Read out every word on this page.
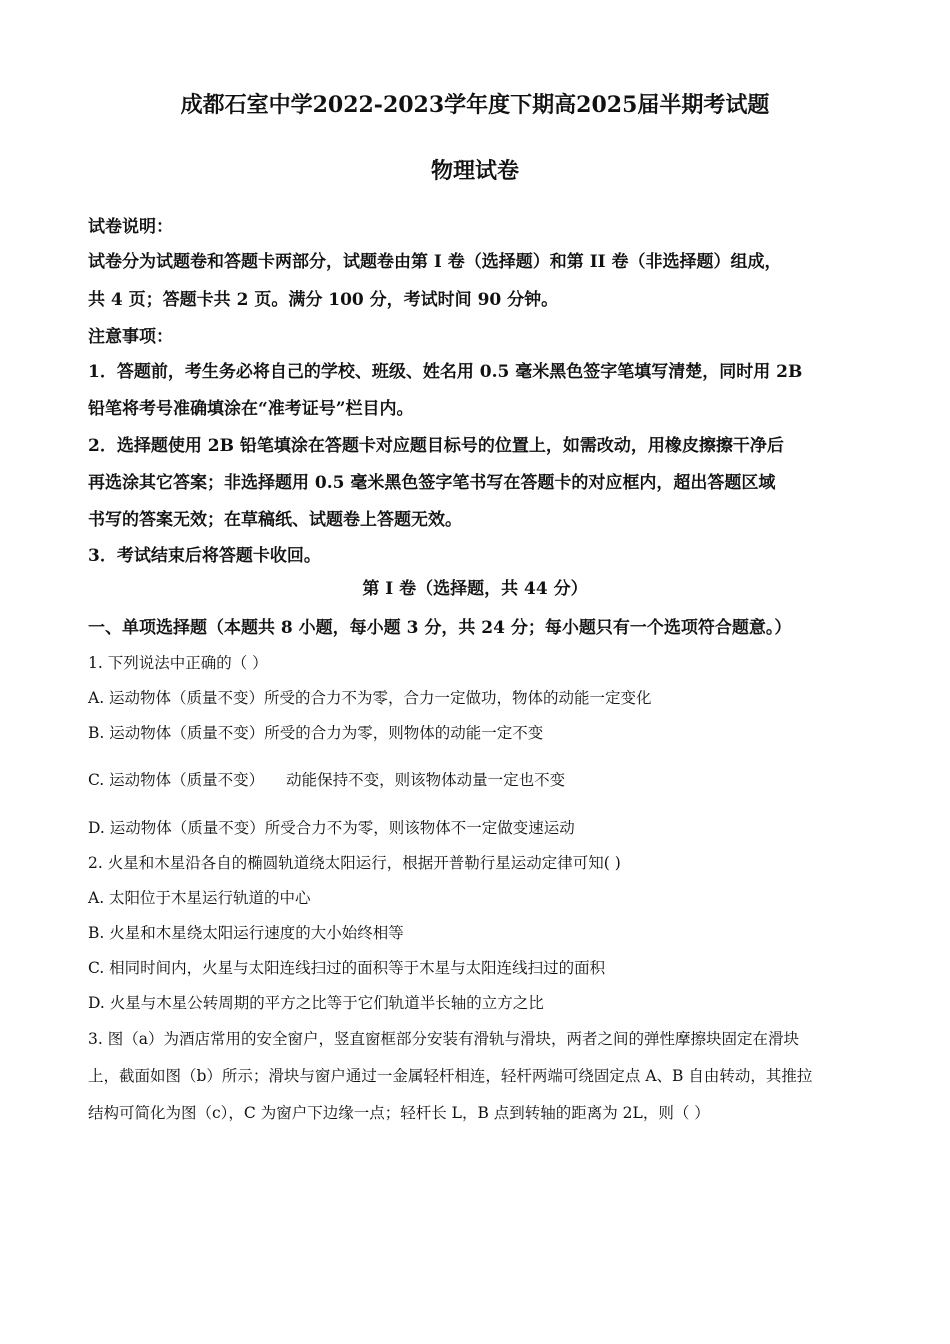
成都石室中学2022-2023学年度下期高2025届半期考试题
物理试卷
试卷说明：
试卷分为试题卷和答题卡两部分，试题卷由第 I 卷（选择题）和第 II 卷（非选择题）组成，
共 4 页；答题卡共 2 页。满分 100 分，考试时间 90 分钟。
注意事项：
1．答题前，考生务必将自己的学校、班级、姓名用 0.5 毫米黑色签字笔填写清楚，同时用 2B
铅笔将考号准确填涂在“准考证号”栏目内。
2．选择题使用 2B 铅笔填涂在答题卡对应题目标号的位置上，如需改动，用橡皮擦擦干净后
再选涂其它答案；非选择题用 0.5 毫米黑色签字笔书写在答题卡的对应框内，超出答题区域
书写的答案无效；在草稿纸、试题卷上答题无效。
3．考试结束后将答题卡收回。
第 I 卷（选择题，共 44 分）
一、单项选择题（本题共 8 小题，每小题 3 分，共 24 分；每小题只有一个选项符合题意。）
1. 下列说法中正确的（ ）
A. 运动物体（质量不变）所受的合力不为零，合力一定做功，物体的动能一定变化
B. 运动物体（质量不变）所受的合力为零，则物体的动能一定不变
C. 运动物体（质量不变） 动能保持不变，则该物体动量一定也不变
D. 运动物体（质量不变）所受合力不为零，则该物体不一定做变速运动
2. 火星和木星沿各自的椭圆轨道绕太阳运行，根据开普勒行星运动定律可知( )
A. 太阳位于木星运行轨道的中心
B. 火星和木星绕太阳运行速度的大小始终相等
C. 相同时间内，火星与太阳连线扫过的面积等于木星与太阳连线扫过的面积
D. 火星与木星公转周期的平方之比等于它们轨道半长轴的立方之比
3. 图（a）为酒店常用的安全窗户，竖直窗框部分安装有滑轨与滑块，两者之间的弹性摩擦块固定在滑块
上，截面如图（b）所示；滑块与窗户通过一金属轻杆相连，轻杆两端可绕固定点 A、B 自由转动，其推拉
结构可简化为图（c），C 为窗户下边缘一点；轻杆长 L，B 点到转轴的距离为 2L，则（ ）
